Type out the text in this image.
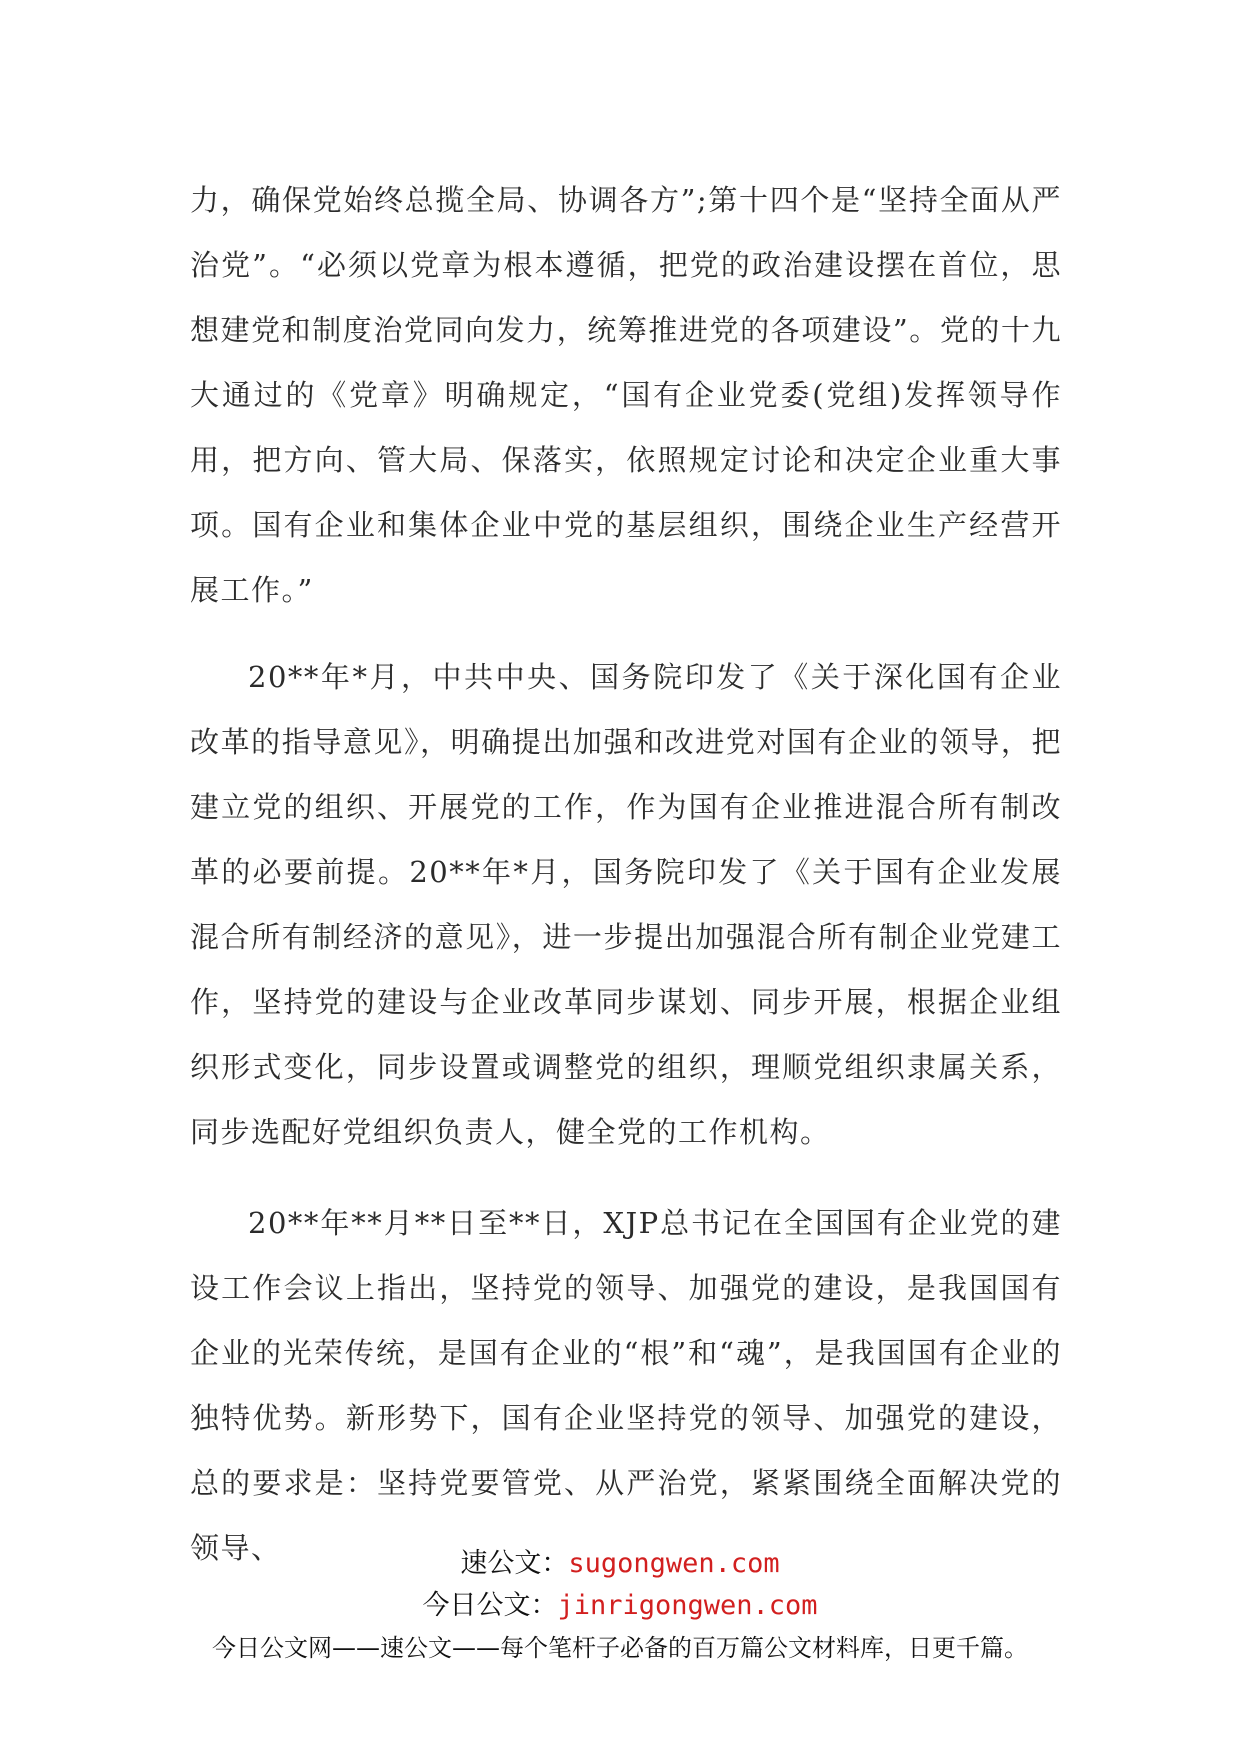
力，确保党始终总揽全局、协调各方”;第十四个是“坚持全面从严治党”。“必须以党章为根本遵循，把党的政治建设摆在首位，思想建党和制度治党同向发力，统筹推进党的各项建设”。党的十九大通过的《党章》明确规定，“国有企业党委(党组)发挥领导作用，把方向、管大局、保落实，依照规定讨论和决定企业重大事项。国有企业和集体企业中党的基层组织，围绕企业生产经营开展工作。”

20**年*月，中共中央、国务院印发了《关于深化国有企业改革的指导意见》，明确提出加强和改进党对国有企业的领导，把建立党的组织、开展党的工作，作为国有企业推进混合所有制改革的必要前提。20**年*月，国务院印发了《关于国有企业发展混合所有制经济的意见》，进一步提出加强混合所有制企业党建工作，坚持党的建设与企业改革同步谋划、同步开展，根据企业组织形式变化，同步设置或调整党的组织，理顺党组织隶属关系，同步选配好党组织负责人，健全党的工作机构。

20**年**月**日至**日，XJP总书记在全国国有企业党的建设工作会议上指出，坚持党的领导、加强党的建设，是我国国有企业的光荣传统，是国有企业的“根”和“魂”，是我国国有企业的独特优势。新形势下，国有企业坚持党的领导、加强党的建设，总的要求是：坚持党要管党、从严治党，紧紧围绕全面解决党的领导、	速公文：sugongwen.com
今日公文：jinrigongwen.com
今日公文网——速公文——每个笔杆子必备的百万篇公文材料库，日更千篇。
